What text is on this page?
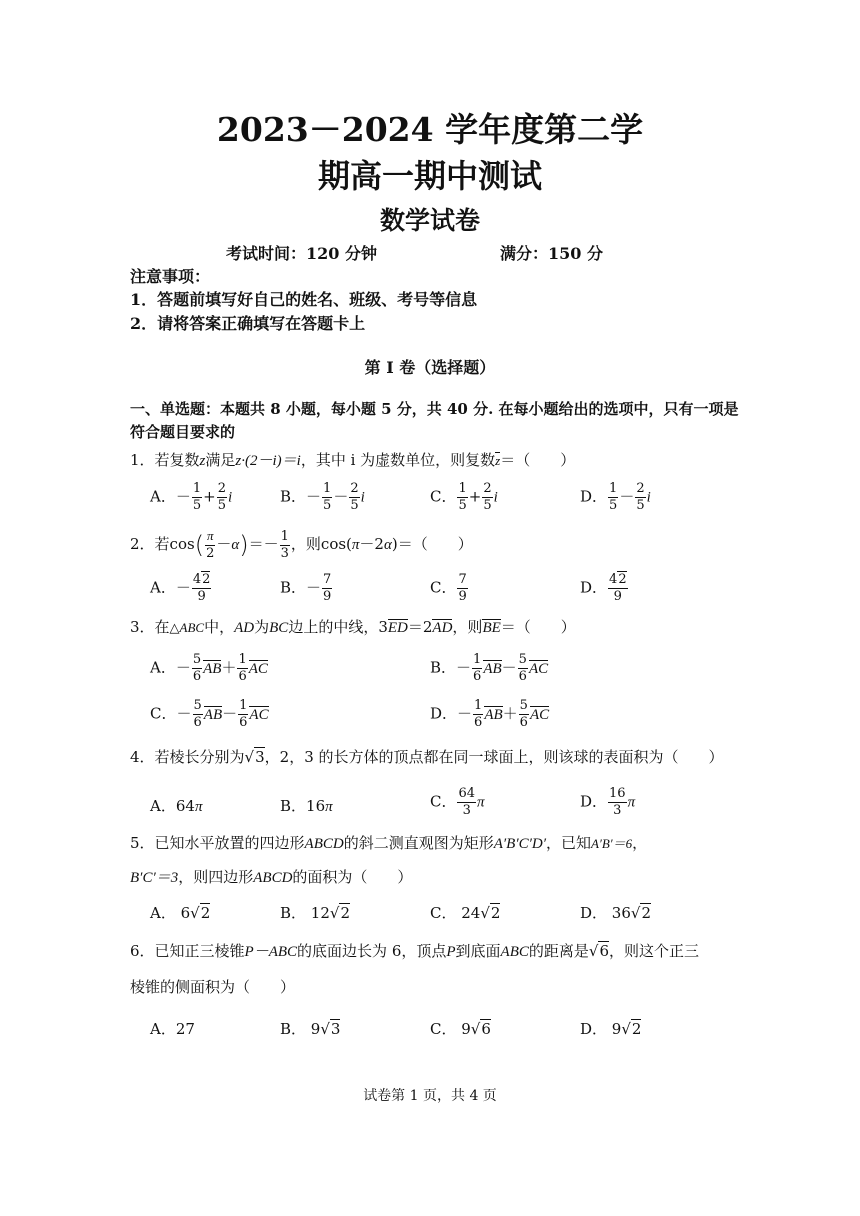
2023－2024 学年度第二学
期高一期中测试
数学试卷
考试时间：120 分钟	满分：150 分
注意事项：
1．答题前填写好自己的姓名、班级、考号等信息
2．请将答案正确填写在答题卡上
第 I 卷（选择题）
一、单选题：本题共 8 小题，每小题 5 分，共 40 分. 在每小题给出的选项中，只有一项是
符合题目要求的
1．若复数z满足z·(2－i)＝i，其中 i 为虚数单位，则复数z＝（　　）
A．－ $\frac{1}{5} + \frac{2}{5}$ i	B．－ $\frac{1}{5} - \frac{2}{5}$ i	C． $\frac{1}{5} + \frac{2}{5}$ i	D． $\frac{1}{5} - \frac{2}{5}$ i
2．若$\cos( \frac{\pi}{2} -\alpha)=- \frac{1}{3}$ ，则cos(π－2α)＝（　　）
A．－ $\frac{42}{9}$	B．－ $\frac{7}{9}$	C． $\frac{7}{9}$	D． $\frac{42}{9}$
3．在△ABC中，AD为BC边上的中线，3ED＝2AD，则BE＝（　　）
A．－ $\frac{5}{6} AB+ \frac{1}{6}$ AC	B．－ $\frac{1}{6} AB- \frac{5}{6}$ AC
C．－ $\frac{5}{6} AB- \frac{1}{6}$ AC	D．－ $\frac{1}{6} AB+ \frac{5}{6}$ AC
4．若棱长分别为√3，2，3 的长方体的顶点都在同一球面上，则该球的表面积为（　　）
A．64π	B．16π	C． $\frac{64}{3}$ π	D． $\frac{16}{3}$ π
5．已知水平放置的四边形ABCD的斜二测直观图为矩形A′B′C′D′，已知A′B′＝6，
B′C′＝3，则四边形ABCD的面积为（　　）
A． 6√2	B． 12√2	C． 24√2	D． 36√2
6．已知正三棱锥P－ABC的底面边长为 6，顶点P到底面ABC的距离是√6，则这个正三
棱锥的侧面积为（　　）
A．27	B． 9√3	C． 9√6	D． 9√2
试卷第 1 页，共 4 页
